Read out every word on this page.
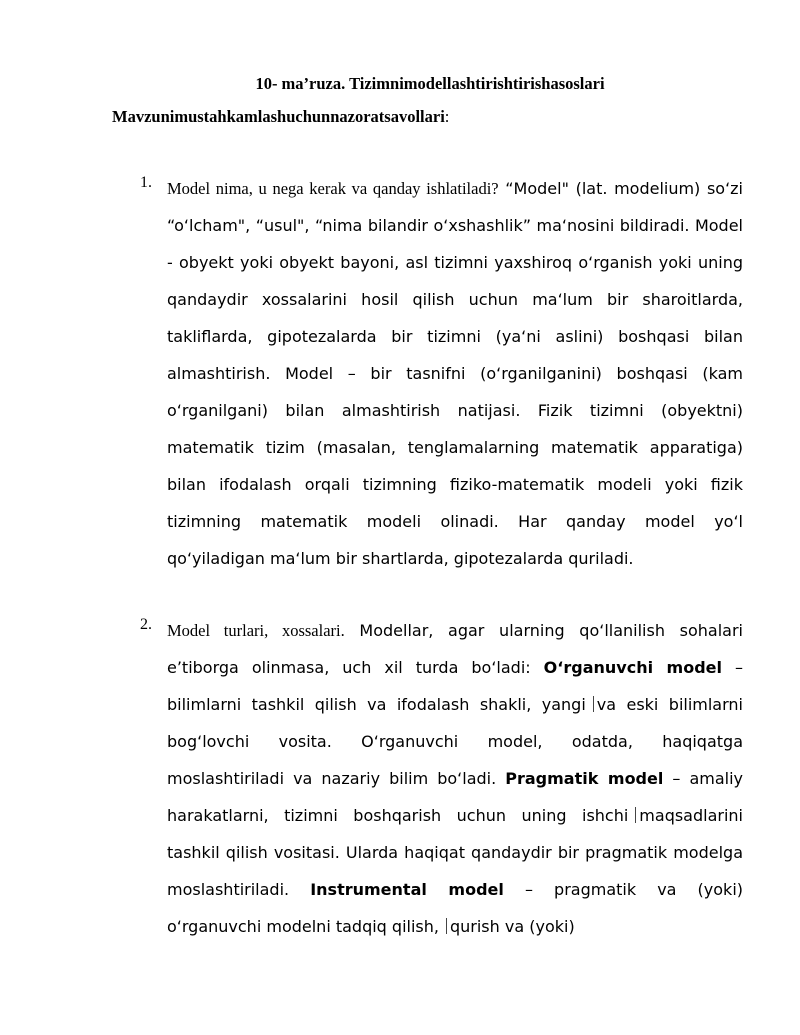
10- ma’ruza. Tizimnimodellashtirishtirishasoslari
Mavzunimustahkamlashuchunnazoratsavollari:
1. Model nima, u nega kerak va qanday ishlatiladi? “Model" (lat. modelium) so‘zi “o‘lcham", “usul", “nima bilandir o‘xshashlik” ma‘nosini bildiradi. Model - obyekt yoki obyekt bayoni, asl tizimni yaxshiroq o‘rganish yoki uning qandaydir xossalarini hosil qilish uchun ma‘lum bir sharoitlarda, takliflarda, gipotezalarda bir tizimni (ya‘ni aslini) boshqasi bilan almashtirish. Model – bir tasnifni (o‘rganilganini) boshqasi (kam o‘rganilgani) bilan almashtirish natijasi. Fizik tizimni (obyektni) matematik tizim (masalan, tenglamalarning matematik apparatiga) bilan ifodalash orqali tizimning fiziko-matematik modeli yoki fizik tizimning matematik modeli olinadi. Har qanday model yo‘l qo‘yiladigan ma‘lum bir shartlarda, gipotezalarda quriladi.
2. Model turlari, xossalari. Modellar, agar ularning qo‘llanilish sohalari e’tiborga olinmasa, uch xil turda bo‘ladi: O‘rganuvchi model – bilimlarni tashkil qilish va ifodalash shakli, yangi va eski bilimlarni bog‘lovchi vosita. O‘rganuvchi model, odatda, haqiqatga moslashtiriladi va nazariy bilim bo‘ladi. Pragmatik model – amaliy harakatlarni, tizimni boshqarish uchun uning ishchi maqsadlarini tashkil qilish vositasi. Ularda haqiqat qandaydir bir pragmatik modelga moslashtiriladi. Instrumental model – pragmatik va (yoki) o‘rganuvchi modelni tadqiq qilish, qurish va (yoki)
